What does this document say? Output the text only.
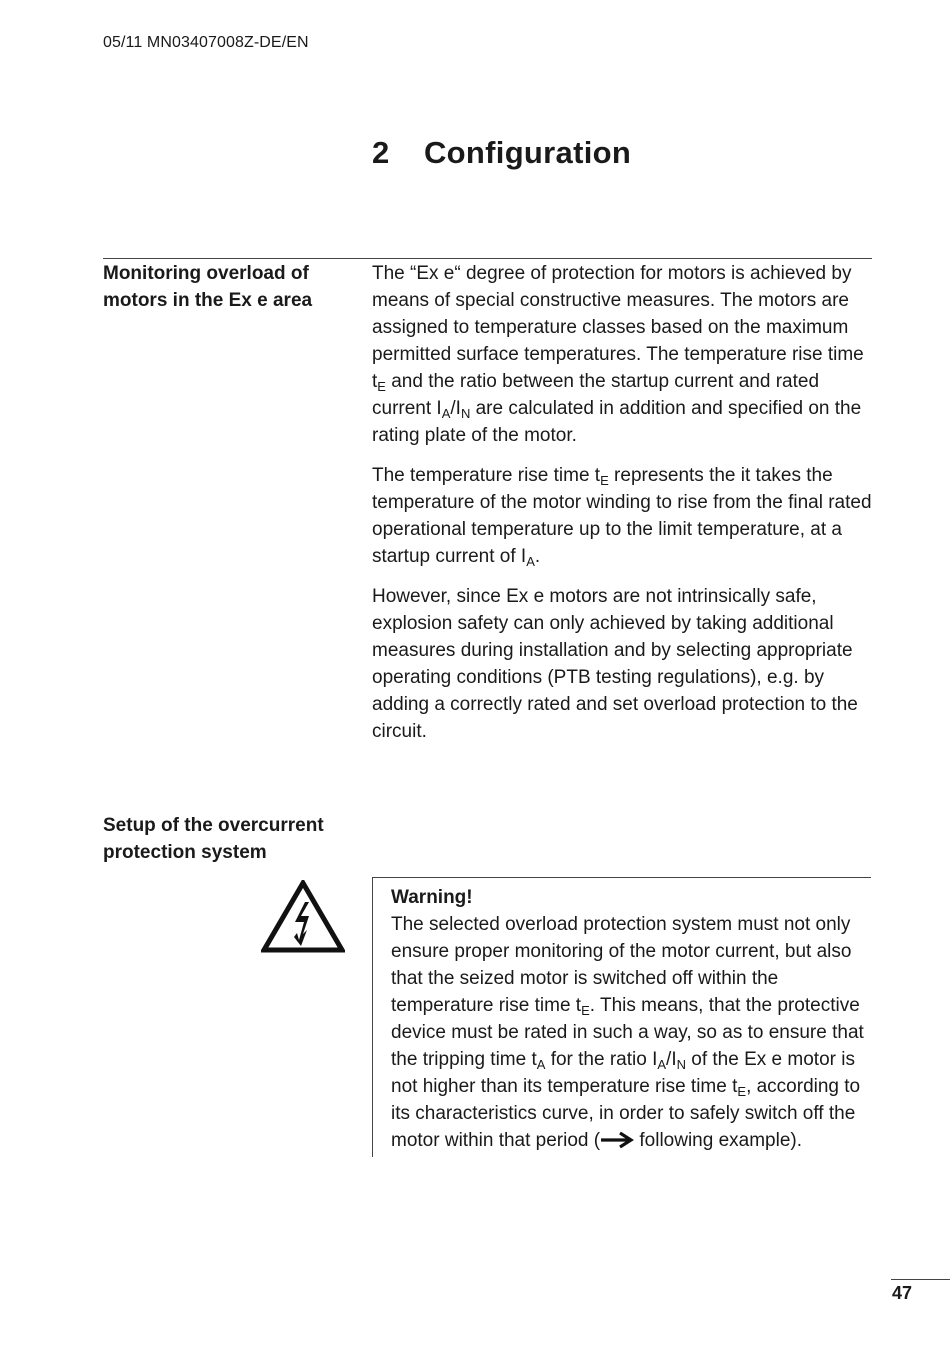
05/11 MN03407008Z-DE/EN
2 Configuration
Monitoring overload of
motors in the Ex e area

The “Ex e“ degree of protection for motors is achieved by means of special constructive measures. The motors are assigned to temperature classes based on the maximum permitted surface temperatures. The temperature rise time $t_E$ and the ratio between the startup current and rated current $I_A/I_N$ are calculated in addition and specified on the rating plate of the motor.

The temperature rise time $t_E$ represents the it takes the temperature of the motor winding to rise from the final rated operational temperature up to the limit temperature, at a startup current of $I_A$.

However, since Ex e motors are not intrinsically safe, explosion safety can only achieved by taking additional measures during installation and by selecting appropriate operating conditions (PTB testing regulations), e.g. by adding a correctly rated and set overload protection to the circuit.

Setup of the overcurrent
protection system
Warning!
The selected overload protection system must not only ensure proper monitoring of the motor current, but also that the seized motor is switched off within the temperature rise time $t_E$. This means, that the protective device must be rated in such a way, so as to ensure that the tripping time $t_A$ for the ratio $I_A/I_N$ of the Ex e motor is not higher than its temperature rise time $t_E$, according to its characteristics curve, in order to safely switch off the motor within that period ( following example).
47
